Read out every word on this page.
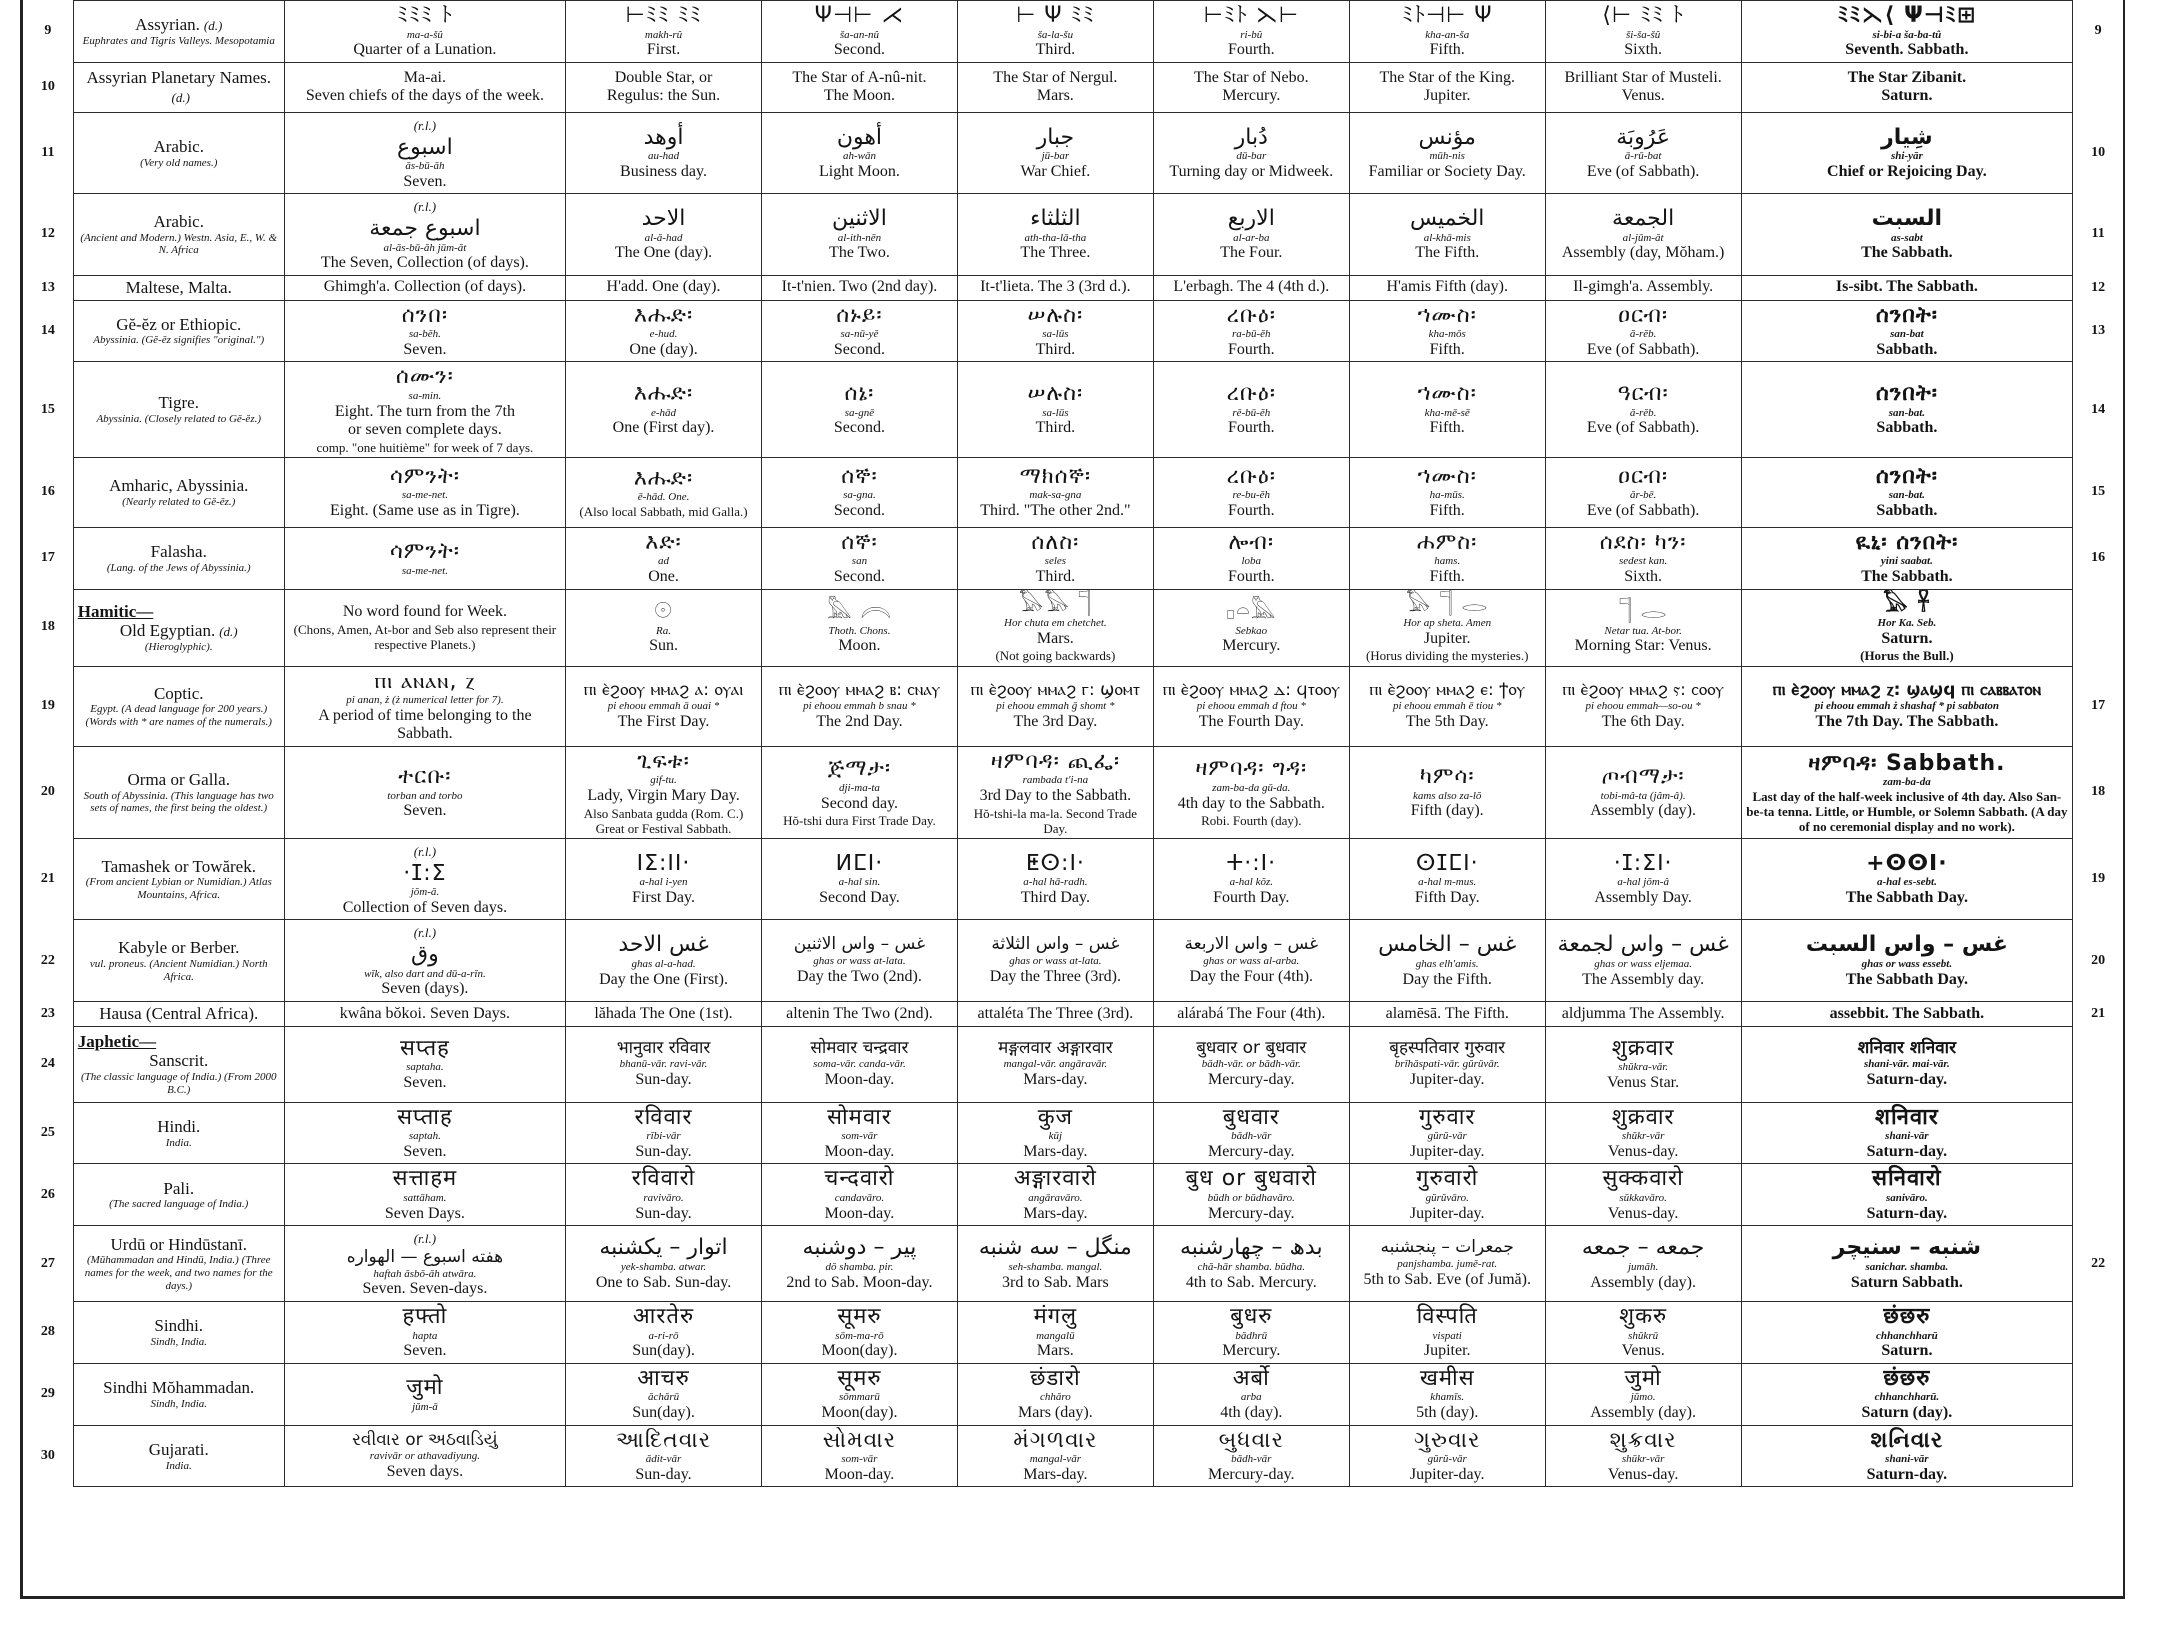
9	Assyrian. (d.)
Euphrates and Tigris Valleys. Mesopotamia	ﾐﾐﾐ ﾄ
ma-a-šû
Quarter of a Lunation.	⊢ﾐﾐ ﾐﾐ
makh-rû
First.	Ψ⊣⊢ ⋌
ša-an-nû
Second.	⊢ Ψ ﾐﾐ
ša-la-šu
Third.	⊢ﾐﾄ ⋋⊢
ri-bû
Fourth.	ﾐﾄ⊣⊢ Ψ
kha-an-ša
Fifth.	⟨⊢ ﾐﾐ ﾄ
ši-ša-šû
Sixth.	ﾐﾐ⋋⟨ Ψ⊣ﾐ⊞
si-bi-a ša-ba-tû
Seventh. Sabbath.	9
10	Assyrian Planetary Names.(d.)	Ma-ai.
Seven chiefs of the days of the week.	Double Star, or
Regulus: the Sun.	The Star of A-nû-nit.
The Moon.	The Star of Nergul.
Mars.	The Star of Nebo.
Mercury.	The Star of the King.
Jupiter.	Brilliant Star of Musteli.
Venus.	The Star Zibanit.
Saturn.	

11	Arabic.
(Very old names.)	(r.l.)
اسبوع
ăs-bū-ăh
Seven.	أوهد
au-had
Business day.	أهون
ah-wān
Light Moon.	جبار
jū-bar
War Chief.	دُبار
dū-bar
Turning day or Midweek.	مؤنس
mūh-nis
Familiar or Society Day.	عَرُوبَة
ā-rū-bat
Eve (of Sabbath).	شِيار
shi-yār
Chief or Rejoicing Day.	10
12	Arabic.
(Ancient and Modern.) Westn. Asia, E., W. & N. Africa	(r.l.)
اسبوع جمعة
al-ăs-bū-ăh jūm-ăt
The Seven, Collection (of days).	الاحد
al-ă-had
The One (day).	الاثنين
al-ith-nēn
The Two.	الثلثاء
ath-tha-lā-tha
The Three.	الاربع
al-ar-ba
The Four.	الخميس
al-khā-mis
The Fifth.	الجمعة
al-jūm-ăt
Assembly (day, Mŏham.)	السبت
as-sabt
The Sabbath.	11
13	Maltese, Malta.	Ghimgh'a. Collection (of days).	H'add. One (day).	It-t'nien. Two (2nd day).	It-t'lieta. The 3 (3rd d.).	L'erbagh. The 4 (4th d.).	H'amis Fifth (day).	Il-gimgh'a. Assembly.	Is-sibt. The Sabbath.	12
14	Gĕ-ĕz or Ethiopic.
Abyssinia. (Gĕ-ĕz signifies "original.")	ሰንበ፡
sa-bĕh.
Seven.	እሑድ፡
e-hud.
One (day).	ሰኑይ፡
sa-nū-yĕ
Second.	ሠሉስ፡
sa-lūs
Third.	ረቡዕ፡
ra-bū-ĕh
Fourth.	ኀሙስ፡
kha-mŏs
Fifth.	ዐርብ፡
ă-rĕb.
Eve (of Sabbath).	ሰንበት፡
san-bat
Sabbath.	13
15	Tigre.
Abyssinia. (Closely related to Gĕ-ĕz.)	ሰሙን፡
sa-min.
Eight. The turn from the 7th
or seven complete days.
comp. "one huitième" for week of 7 days.	እሑድ፡
e-hād
One (First day).	ሰኔ፡
sa-gnē
Second.	ሠሉስ፡
sa-lūs
Third.	ረቡዕ፡
rĕ-bū-ĕh
Fourth.	ኀሙስ፡
kha-mē-sē
Fifth.	ዓርብ፡
ă-rĕb.
Eve (of Sabbath).	ሰንበት፡
san-bat.
Sabbath.	14
16	Amharic, Abyssinia.
(Nearly related to Gĕ-ĕz.)	ሳምንት፡
sa-me-net.
Eight. (Same use as in Tigre).	እሑድ፡
ē-hād. One.
(Also local Sabbath, mid Galla.)	ሰኞ፡
sa-gna.
Second.	ማክሰኞ፡
mak-sa-gna
Third. "The other 2nd."	ረቡዕ፡
re-bu-ĕh
Fourth.	ኀሙስ፡
ha-mūs.
Fifth.	ዐርብ፡
ăr-bē.
Eve (of Sabbath).	ሰንበት፡
san-bat.
Sabbath.	15
17	Falasha.
(Lang. of the Jews of Abyssinia.)	ሳምንት፡
sa-me-net.	እድ፡
ad
One.	ሰኞ፡
san
Second.	ሰለስ፡
seles
Third.	ሎብ፡
loba
Fourth.	ሐምስ፡
hams.
Fifth.	ሰደስ፡ ካን፡
sedest kan.
Sixth.	ዪኒ፡ ሰንበት፡
yini saabat.
The Sabbath.	16
18	Hamitic—
Old Egyptian. (d.)
(Hieroglyphic).	No word found for Week.
(Chons, Amen, At-bor and Seb also represent their respective Planets.)	𓇳
Ra.
Sun.	𓅓 𓇹
Thoth. Chons.
Moon.	𓅃𓅃 𓊹
Hor chuta em chetchet.
Mars.
(Not going backwards)	𓊪𓏏𓅓
Sebkao
Mercury.	𓅃 𓊹 𓂋
Hor ap sheta. Amen
Jupiter.
(Horus dividing the mysteries.)	𓊹 𓂋
Netar tua. At-bor.
Morning Star: Venus.	𓅃 𓋹
Hor Ka. Seb.
Saturn.
(Horus the Bull.)	

19	Coptic.
Egypt. (A dead language for 200 years.) (Words with * are names of the numerals.)	ⲡⲓ ⲁⲛⲁⲛ, ⲍ
pi anan, ż (ż numerical letter for 7).
A period of time belonging to the
Sabbath.	ⲡⲓ ⲉ̀ϩⲟⲟⲩ ⲙⲙⲁϩ ⲁ: ⲟⲩⲁⲓ
pi ehoou emmah ā ouai *
The First Day.	ⲡⲓ ⲉ̀ϩⲟⲟⲩ ⲙⲙⲁϩ ⲃ: ⲥⲛⲁⲩ
pi ehoou emmah b snau *
The 2nd Day.	ⲡⲓ ⲉ̀ϩⲟⲟⲩ ⲙⲙⲁϩ ⲅ: ϣⲟⲙⲧ
pi ehoou emmah ḡ shomt *
The 3rd Day.	ⲡⲓ ⲉ̀ϩⲟⲟⲩ ⲙⲙⲁϩ ⲇ: ϥⲧⲟⲟⲩ
pi ehoou emmah d ftou *
The Fourth Day.	ⲡⲓ ⲉ̀ϩⲟⲟⲩ ⲙⲙⲁϩ ⲉ: ϯⲟⲩ
pi ehoou emmah ē tiou *
The 5th Day.	ⲡⲓ ⲉ̀ϩⲟⲟⲩ ⲙⲙⲁϩ ⲋ: ⲥⲟⲟⲩ
pi ehoou emmah—so-ou *
The 6th Day.	ⲡⲓ ⲉ̀ϩⲟⲟⲩ ⲙⲙⲁϩ ⲍ: ϣⲁϣϥ ⲡⲓ ⲥⲁⲃⲃⲁⲧⲟⲛ
pi ehoou emmah ż shashaf * pi sabbaton
The 7th Day. The Sabbath.	17
20	Orma or Galla.
South of Abyssinia. (This language has two sets of names, the first being the oldest.)	ተርቡ፡
torban and torbo
Seven.	ጊፍቱ፡
gif-tu.
Lady, Virgin Mary Day.
Also Sanbata gudda (Rom. C.) Great or Festival Sabbath.	ጅማታ፡
dji-ma-ta
Second day.
Hŏ-tshi dura First Trade Day.	ዛምባዳ፡ ጪፌ፡
rambada t'i-na
3rd Day to the Sabbath.
Hŏ-tshi-la ma-la. Second Trade Day.	ዛምባዳ፡ ግዳ፡
zam-ba-da gŭ-da.
4th day to the Sabbath.
Robi. Fourth (day).	ካምሳ፡
kams also za-lŏ
Fifth (day).	ጦብማታ፡
tobi-mâ-ta (jâm-â).
Assembly (day).	ዛምባዳ፡ Sabbath.
zam-ba-da
Last day of the half-week inclusive of 4th day. Also San-be-ta tenna. Little, or Humble, or Solemn Sabbath. (A day of no ceremonial display and no work).	18
21	Tamashek or Towărek.
(From ancient Lybian or Numidian.) Atlas Mountains, Africa.	(r.l.)
·ⵊ:ⵉ
jŏm-ă.
Collection of Seven days.	ⵏⵉ:ⵏⵏ·
a-hal i-yen
First Day.	ⵍⵎⵏ·
a-hal sin.
Second Day.	ⵟⵙ:ⵏ·
a-hal hā-radh.
Third Day.	ⵜ·:ⵏ·
a-hal kŏz.
Fourth Day.	ⵙⵊⵎⵏ·
a-hal m-mus.
Fifth Day.	·ⵊ:ⵉⵏ·
a-hal jŏm-â
Assembly Day.	+ⵙⵙⵏ·
a-hal es-sebt.
The Sabbath Day.	19
22	Kabyle or Berber.
vul. proneus. (Ancient Numidian.) North Africa.	(r.l.)
وق
wĭk, also dart and dū-a-rĭn.
Seven (days).	غس الاحد
ghas al-a-had.
Day the One (First).	غس – واس الاثنين
ghas or wass at-lata.
Day the Two (2nd).	غس – واس الثلاثة
ghas or wass at-lata.
Day the Three (3rd).	غس – واس الاربعة
ghas or wass al-arba.
Day the Four (4th).	غس – الخامس
ghas elh'amis.
Day the Fifth.	غس – واس لجمعة
ghas or wass eljemaa.
The Assembly day.	غس – واس السبت
ghas or wass essebt.
The Sabbath Day.	20
23	Hausa (Central Africa).	kwâna bŏkoi. Seven Days.	lăhada The One (1st).	altenin The Two (2nd).	attaléta The Three (3rd).	alárabá The Four (4th).	alamēsā. The Fifth.	aldjumma The Assembly.	assebbit. The Sabbath.	21
24	Japhetic—
Sanscrit.
(The classic language of India.) (From 2000 B.C.)	सप्तह
saptaha.
Seven.	भानुवार रविवार
bhanū-vār. ravi-vār.
Sun-day.	सोमवार चन्द्रवार
soma-vār. canda-vār.
Moon-day.	मङ्गलवार अङ्गारवार
mangal-vār. angāravār.
Mars-day.	बुधवार or बुधवार
bădh-vār. or bădh-vār.
Mercury-day.	बृहस्पतिवार गुरुवार
brĭhăspati-vār. gŭrŭvār.
Jupiter-day.	शुक्रवार
shŭkra-vār.
Venus Star.	शनिवार शनिवार
shani-vār. mai-vār.
Saturn-day.	

25	Hindi.
India.	सप्ताह
saptah.
Seven.	रविवार
rĭbi-vār
Sun-day.	सोमवार
som-vār
Moon-day.	कुज
kŭj
Mars-day.	बुधवार
bădh-vār
Mercury-day.	गुरुवार
gŭrŭ-vār
Jupiter-day.	शुक्रवार
shŭkr-vār
Venus-day.	शनिवार
shani-vār
Saturn-day.	

26	Pali.
(The sacred language of India.)	सत्ताहम
sattāham.
Seven Days.	रविवारो
ravivāro.
Sun-day.	चन्दवारो
candavāro.
Moon-day.	अङ्गारवारो
angāravāro.
Mars-day.	बुध or बुधवारो
bŭdh or bŭdhavāro.
Mercury-day.	गुरुवारो
gŭrŭvāro.
Jupiter-day.	सुक्कवारो
sŭkkavāro.
Venus-day.	सनिवारो
sanivāro.
Saturn-day.	

27	Urdū or Hindūstanī.
(Mŭhammadan and Hindū, India.) (Three names for the week, and two names for the days.)	(r.l.)
هفته اسبوع — الهواره
haftah ăsbŏ-ăh atwāra.
Seven. Seven-days.	اتوار – يكشنبه
yek-shamba. atwar.
One to Sab. Sun-day.	پير – دوشنبه
dŏ shamba. pir.
2nd to Sab. Moon-day.	منگل – سه شنبه
seh-shamba. mangal.
3rd to Sab. Mars	بدھ – چهارشنبه
chă-hār shamba. bŭdha.
4th to Sab. Mercury.	جمعرات – پنجشنبه
panjshamba. jumĕ-rat.
5th to Sab. Eve (of Jumă).	جمعه – جمعه
jumăh.
Assembly (day).	شنبه – سنيچر
sanichar. shamba.
Saturn Sabbath.	22
28	Sindhi.
Sindh, India.	हफ्तो
hapta
Seven.	आरतेरु
a-ri-rō
Sun(day).	सूमरु
sōm-ma-rō
Moon(day).	मंगलु
mangalū
Mars.	बुधरु
bădhrū
Mercury.	विस्पति
vispati
Jupiter.	शुकरु
shŭkrū
Venus.	छंछरु
chhanchharū
Saturn.	

29	Sindhi Mŏhammadan.
Sindh, India.	जुमो
jŭm-ā	आचरु
ăchărū
Sun(day).	सूमरु
sōmmarū
Moon(day).	छंडारो
chhăro
Mars (day).	अर्बो
arba
4th (day).	खमीस
khamīs.
5th (day).	जुमो
jŭmo.
Assembly (day).	छंछरु
chhanchharū.
Saturn (day).	

30	Gujarati.
India.	રવીવાર or અઠવાડિયું
ravivār or athavadiyung.
Seven days.	આદિતવાર
ădit-vār
Sun-day.	સોમવાર
som-vār
Moon-day.	મંગળવાર
mangal-vār
Mars-day.	બુધવાર
bădh-vār
Mercury-day.	ગુરુવાર
gŭrŭ-vār
Jupiter-day.	શુક્રવાર
shŭkr-vār
Venus-day.	શનિવાર
shani-vār
Saturn-day.	
